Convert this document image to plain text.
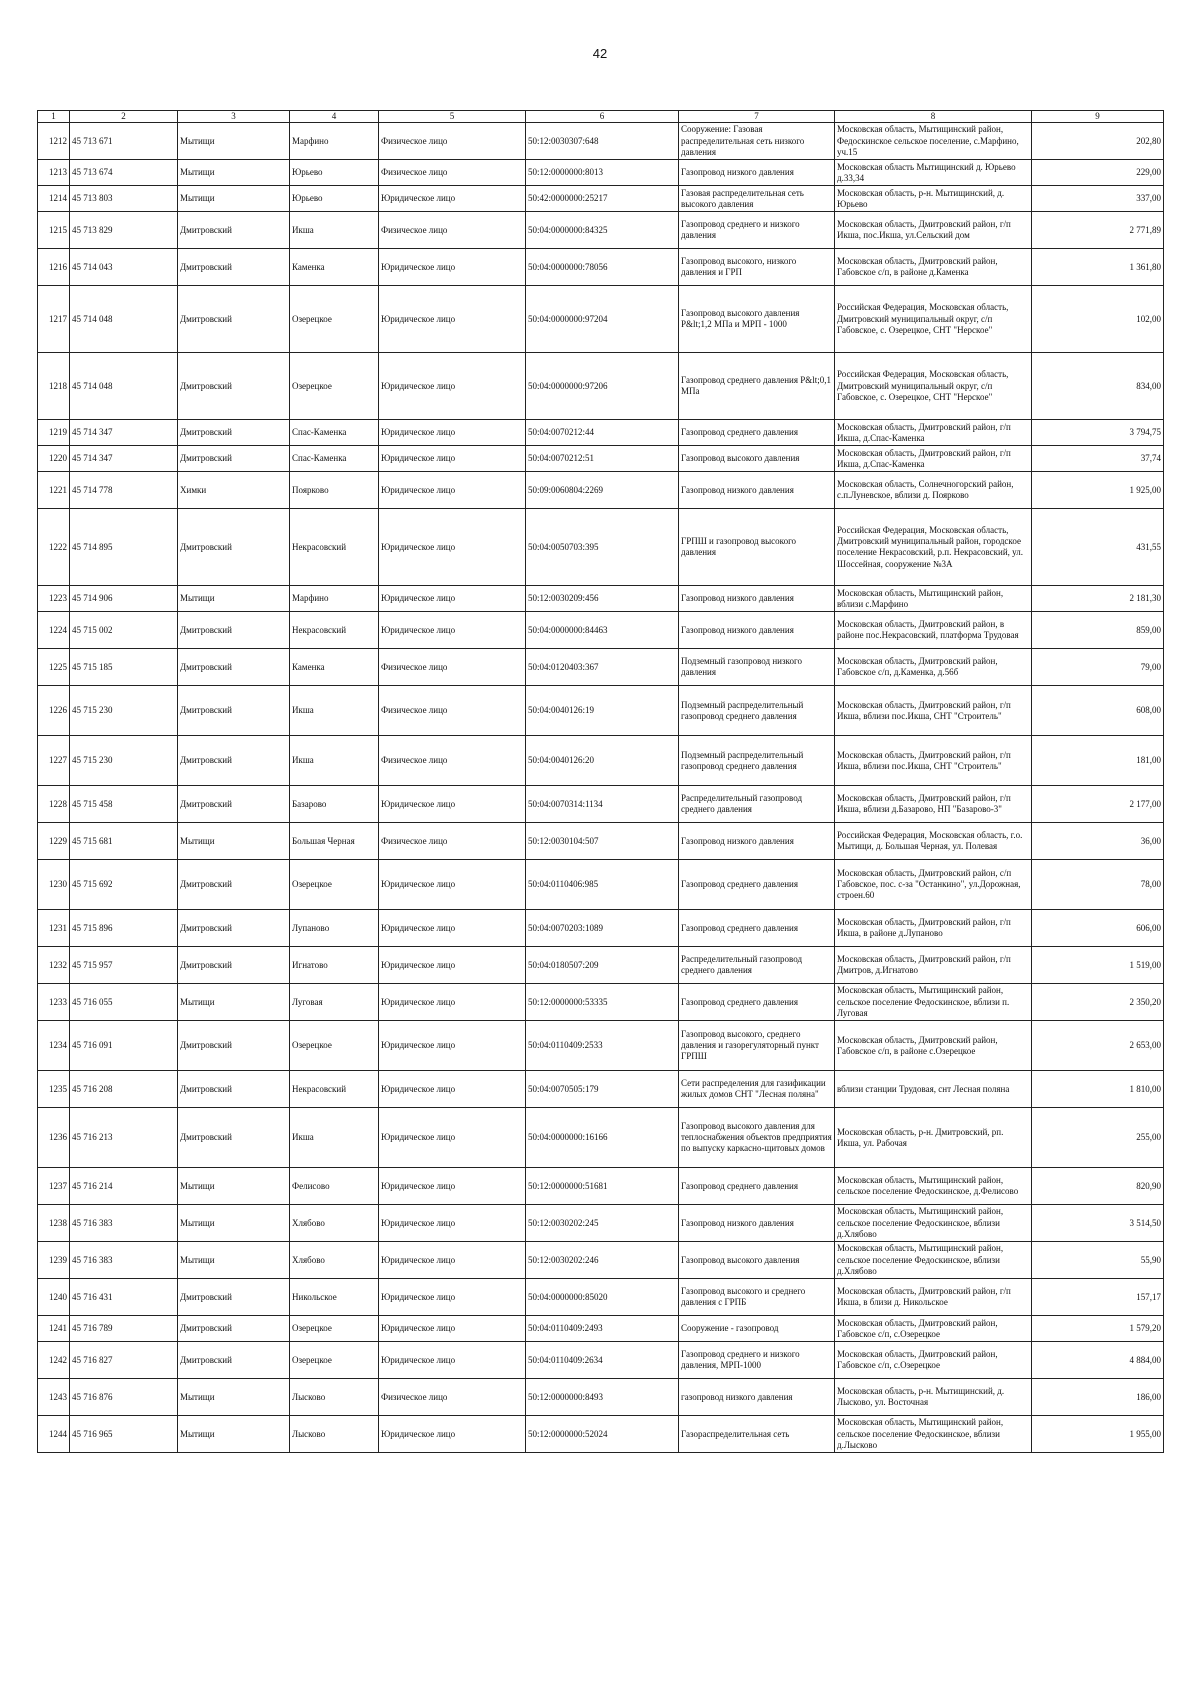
42
1	2	3	4	5	6	7	8	9
1212	45 713 671	Мытищи	Марфино	Физическое лицо	50:12:0030307:648	Сооружение: Газовая распределительная сеть низкого давления	Московская область, Мытищинский район, Федоскинское сельское поселение, с.Марфино, уч.15	202,80
1213	45 713 674	Мытищи	Юрьево	Физическое лицо	50:12:0000000:8013	Газопровод низкого давления	Московская область Мытищинский д. Юрьево д.33,34	229,00
1214	45 713 803	Мытищи	Юрьево	Юридическое лицо	50:42:0000000:25217	Газовая распределительная сеть высокого давления	Московская область, р-н. Мытищинский, д. Юрьево	337,00
1215	45 713 829	Дмитровский	Икша	Физическое лицо	50:04:0000000:84325	Газопровод среднего и низкого давления	Московская область, Дмитровский район, г/п Икша, пос.Икша, ул.Сельский дом	2 771,89
1216	45 714 043	Дмитровский	Каменка	Юридическое лицо	50:04:0000000:78056	Газопровод высокого, низкого давления и ГРП	Московская область, Дмитровский район, Габовское с/п, в районе д.Каменка	1 361,80
1217	45 714 048	Дмитровский	Озерецкое	Юридическое лицо	50:04:0000000:97204	Газопровод высокого давления P&lt;1,2 МПа и МРП - 1000	Российская Федерация, Московская область, Дмитровский муниципальный округ, с/п Габовское, с. Озерецкое, СНТ "Нерское"	102,00
1218	45 714 048	Дмитровский	Озерецкое	Юридическое лицо	50:04:0000000:97206	Газопровод среднего давления P&lt;0,1 МПа	Российская Федерация, Московская область, Дмитровский муниципальный округ, с/п Габовское, с. Озерецкое, СНТ "Нерское"	834,00
1219	45 714 347	Дмитровский	Спас-Каменка	Юридическое лицо	50:04:0070212:44	Газопровод среднего давления	Московская область, Дмитровский район, г/п Икша, д.Спас-Каменка	3 794,75
1220	45 714 347	Дмитровский	Спас-Каменка	Юридическое лицо	50:04:0070212:51	Газопровод высокого давления	Московская область, Дмитровский район, г/п Икша, д.Спас-Каменка	37,74
1221	45 714 778	Химки	Поярково	Юридическое лицо	50:09:0060804:2269	Газопровод низкого давления	Московская область, Солнечногорский район, с.п.Луневское, вблизи д. Поярково	1 925,00
1222	45 714 895	Дмитровский	Некрасовский	Юридическое лицо	50:04:0050703:395	ГРПШ и газопровод высокого давления	Российская Федерация, Московская область, Дмитровский муниципальный район, городское поселение Некрасовский, р.п. Некрасовский, ул. Шоссейная, сооружение №3А	431,55
1223	45 714 906	Мытищи	Марфино	Юридическое лицо	50:12:0030209:456	Газопровод низкого давления	Московская область, Мытищинский район, вблизи с.Марфино	2 181,30
1224	45 715 002	Дмитровский	Некрасовский	Юридическое лицо	50:04:0000000:84463	Газопровод низкого давления	Московская область, Дмитровский район, в районе пос.Некрасовский, платформа Трудовая	859,00
1225	45 715 185	Дмитровский	Каменка	Физическое лицо	50:04:0120403:367	Подземный газопровод низкого давления	Московская область, Дмитровский район, Габовское с/п, д.Каменка, д.56б	79,00
1226	45 715 230	Дмитровский	Икша	Физическое лицо	50:04:0040126:19	Подземный распределительный газопровод среднего давления	Московская область, Дмитровский район, г/п Икша, вблизи пос.Икша, СНТ "Строитель"	608,00
1227	45 715 230	Дмитровский	Икша	Физическое лицо	50:04:0040126:20	Подземный распределительный газопровод среднего давления	Московская область, Дмитровский район, г/п Икша, вблизи пос.Икша, СНТ "Строитель"	181,00
1228	45 715 458	Дмитровский	Базарово	Юридическое лицо	50:04:0070314:1134	Распределительный газопровод среднего давления	Московская область, Дмитровский район, г/п Икша, вблизи д.Базарово, НП "Базарово-3"	2 177,00
1229	45 715 681	Мытищи	Большая Черная	Физическое лицо	50:12:0030104:507	Газопровод низкого давления	Российская Федерация, Московская область, г.о. Мытищи, д. Большая Черная, ул. Полевая	36,00
1230	45 715 692	Дмитровский	Озерецкое	Юридическое лицо	50:04:0110406:985	Газопровод среднего давления	Московская область, Дмитровский район, с/п Габовское, пос. с-за "Останкино", ул.Дорожная, строен.60	78,00
1231	45 715 896	Дмитровский	Лупаново	Юридическое лицо	50:04:0070203:1089	Газопровод среднего давления	Московская область, Дмитровский район, г/п Икша, в районе д.Лупаново	606,00
1232	45 715 957	Дмитровский	Игнатово	Юридическое лицо	50:04:0180507:209	Распределительный газопровод среднего давления	Московская область, Дмитровский район, г/п Дмитров, д.Игнатово	1 519,00
1233	45 716 055	Мытищи	Луговая	Юридическое лицо	50:12:0000000:53335	Газопровод среднего давления	Московская область, Мытищинский район, сельское поселение Федоскинское, вблизи п. Луговая	2 350,20
1234	45 716 091	Дмитровский	Озерецкое	Юридическое лицо	50:04:0110409:2533	Газопровод высокого, среднего давления и газорегуляторный пункт ГРПШ	Московская область, Дмитровский район, Габовское с/п, в районе с.Озерецкое	2 653,00
1235	45 716 208	Дмитровский	Некрасовский	Юридическое лицо	50:04:0070505:179	Сети распределения для газификации жилых домов СНТ "Лесная поляна"	вблизи станции Трудовая, снт Лесная поляна	1 810,00
1236	45 716 213	Дмитровский	Икша	Юридическое лицо	50:04:0000000:16166	Газопровод высокого давления для теплоснабжения объектов предприятия по выпуску каркасно-щитовых домов	Московская область, р-н. Дмитровский, рп. Икша, ул. Рабочая	255,00
1237	45 716 214	Мытищи	Фелисово	Юридическое лицо	50:12:0000000:51681	Газопровод среднего давления	Московская область, Мытищинский район, сельское поселение Федоскинское, д.Фелисово	820,90
1238	45 716 383	Мытищи	Хлябово	Юридическое лицо	50:12:0030202:245	Газопровод низкого давления	Московская область, Мытищинский район, сельское поселение Федоскинское, вблизи д.Хлябово	3 514,50
1239	45 716 383	Мытищи	Хлябово	Юридическое лицо	50:12:0030202:246	Газопровод высокого давления	Московская область, Мытищинский район, сельское поселение Федоскинское, вблизи д.Хлябово	55,90
1240	45 716 431	Дмитровский	Никольское	Юридическое лицо	50:04:0000000:85020	Газопровод высокого и среднего давления с ГРПБ	Московская область, Дмитровский район, г/п Икша, в близи д. Никольское	157,17
1241	45 716 789	Дмитровский	Озерецкое	Юридическое лицо	50:04:0110409:2493	Сооружение - газопровод	Московская область, Дмитровский район, Габовское с/п, с.Озерецкое	1 579,20
1242	45 716 827	Дмитровский	Озерецкое	Юридическое лицо	50:04:0110409:2634	Газопровод среднего и низкого давления, МРП-1000	Московская область, Дмитровский район, Габовское с/п, с.Озерецкое	4 884,00
1243	45 716 876	Мытищи	Лысково	Физическое лицо	50:12:0000000:8493	газопровод низкого давления	Московская область, р-н. Мытищинский, д. Лысково, ул. Восточная	186,00
1244	45 716 965	Мытищи	Лысково	Юридическое лицо	50:12:0000000:52024	Газораспределительная сеть	Московская область, Мытищинский район, сельское поселение Федоскинское, вблизи д.Лысково	1 955,00
